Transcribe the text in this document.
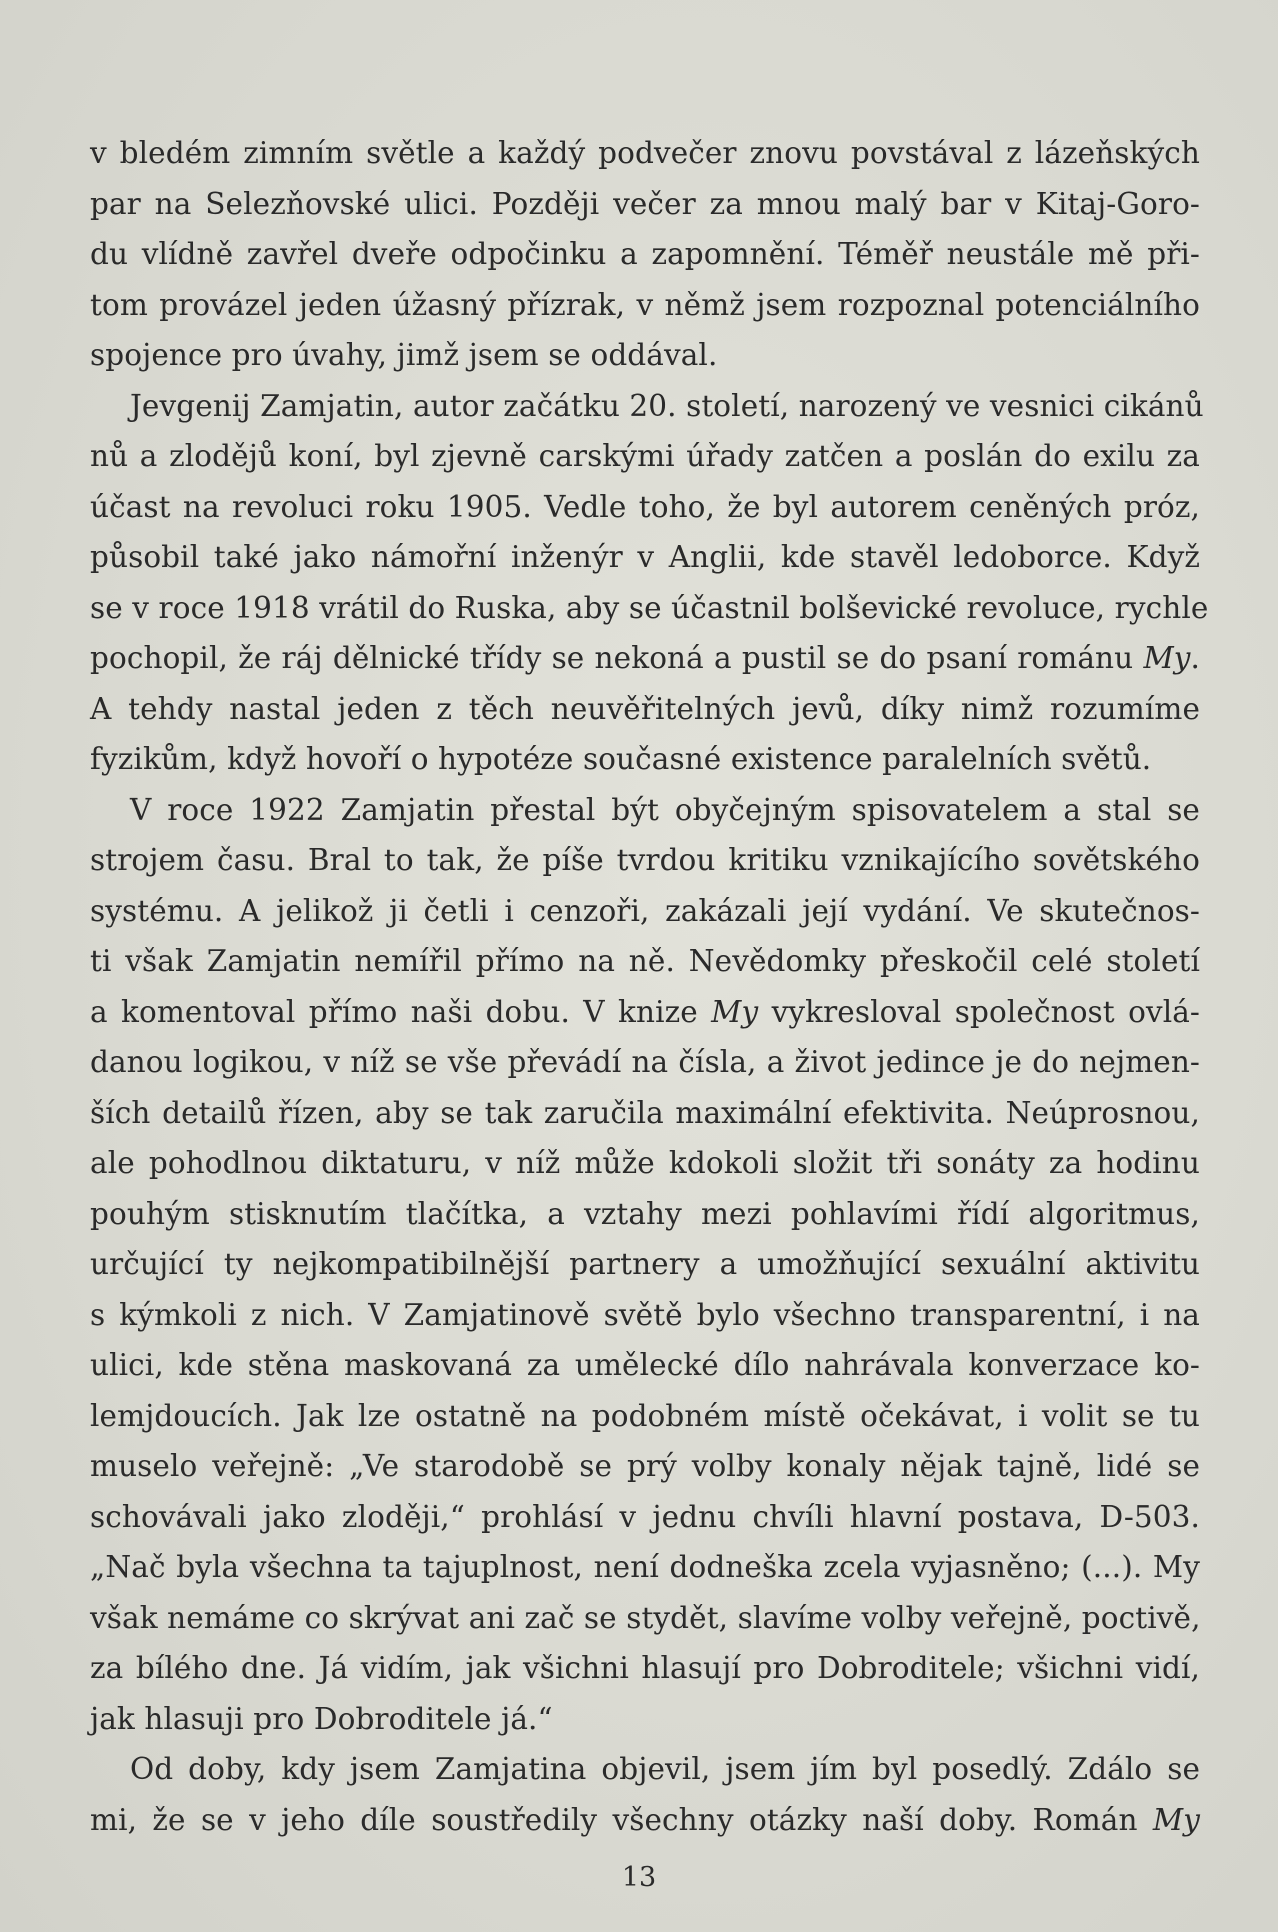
v bledém zimním světle a každý podvečer znovu povstával z lázeňských
par na Selezňovské ulici. Později večer za mnou malý bar v Kitaj-Goro-
du vlídně zavřel dveře odpočinku a zapomnění. Téměř neustále mě při-
tom provázel jeden úžasný přízrak, v němž jsem rozpoznal potenciálního
spojence pro úvahy, jimž jsem se oddával.
Jevgenij Zamjatin, autor začátku 20. století, narozený ve vesnici cikánů
nů a zlodějů koní, byl zjevně carskými úřady zatčen a poslán do exilu za
účast na revoluci roku 1905. Vedle toho, že byl autorem ceněných próz,
působil také jako námořní inženýr v Anglii, kde stavěl ledoborce. Když
se v roce 1918 vrátil do Ruska, aby se účastnil bolševické revoluce, rychle
pochopil, že ráj dělnické třídy se nekoná a pustil se do psaní románu My.
A tehdy nastal jeden z těch neuvěřitelných jevů, díky nimž rozumíme
fyzikům, když hovoří o hypotéze současné existence paralelních světů.
V roce 1922 Zamjatin přestal být obyčejným spisovatelem a stal se
strojem času. Bral to tak, že píše tvrdou kritiku vznikajícího sovětského
systému. A jelikož ji četli i cenzoři, zakázali její vydání. Ve skutečnos-
ti však Zamjatin nemířil přímo na ně. Nevědomky přeskočil celé století
a komentoval přímo naši dobu. V knize My vykresloval společnost ovlá-
danou logikou, v níž se vše převádí na čísla, a život jedince je do nejmen-
ších detailů řízen, aby se tak zaručila maximální efektivita. Neúprosnou,
ale pohodlnou diktaturu, v níž může kdokoli složit tři sonáty za hodinu
pouhým stisknutím tlačítka, a vztahy mezi pohlavími řídí algoritmus,
určující ty nejkompatibilnější partnery a umožňující sexuální aktivitu
s kýmkoli z nich. V Zamjatinově světě bylo všechno transparentní, i na
ulici, kde stěna maskovaná za umělecké dílo nahrávala konverzace ko-
lemjdoucích. Jak lze ostatně na podobném místě očekávat, i volit se tu
muselo veřejně: „Ve starodobě se prý volby konaly nějak tajně, lidé se
schovávali jako zloději,“ prohlásí v jednu chvíli hlavní postava, D-503.
„Nač byla všechna ta tajuplnost, není dodneška zcela vyjasněno; (...). My
však nemáme co skrývat ani zač se stydět, slavíme volby veřejně, poctivě,
za bílého dne. Já vidím, jak všichni hlasují pro Dobroditele; všichni vidí,
jak hlasuji pro Dobroditele já.“
Od doby, kdy jsem Zamjatina objevil, jsem jím byl posedlý. Zdálo se
mi, že se v jeho díle soustředily všechny otázky naší doby. Román My
13
